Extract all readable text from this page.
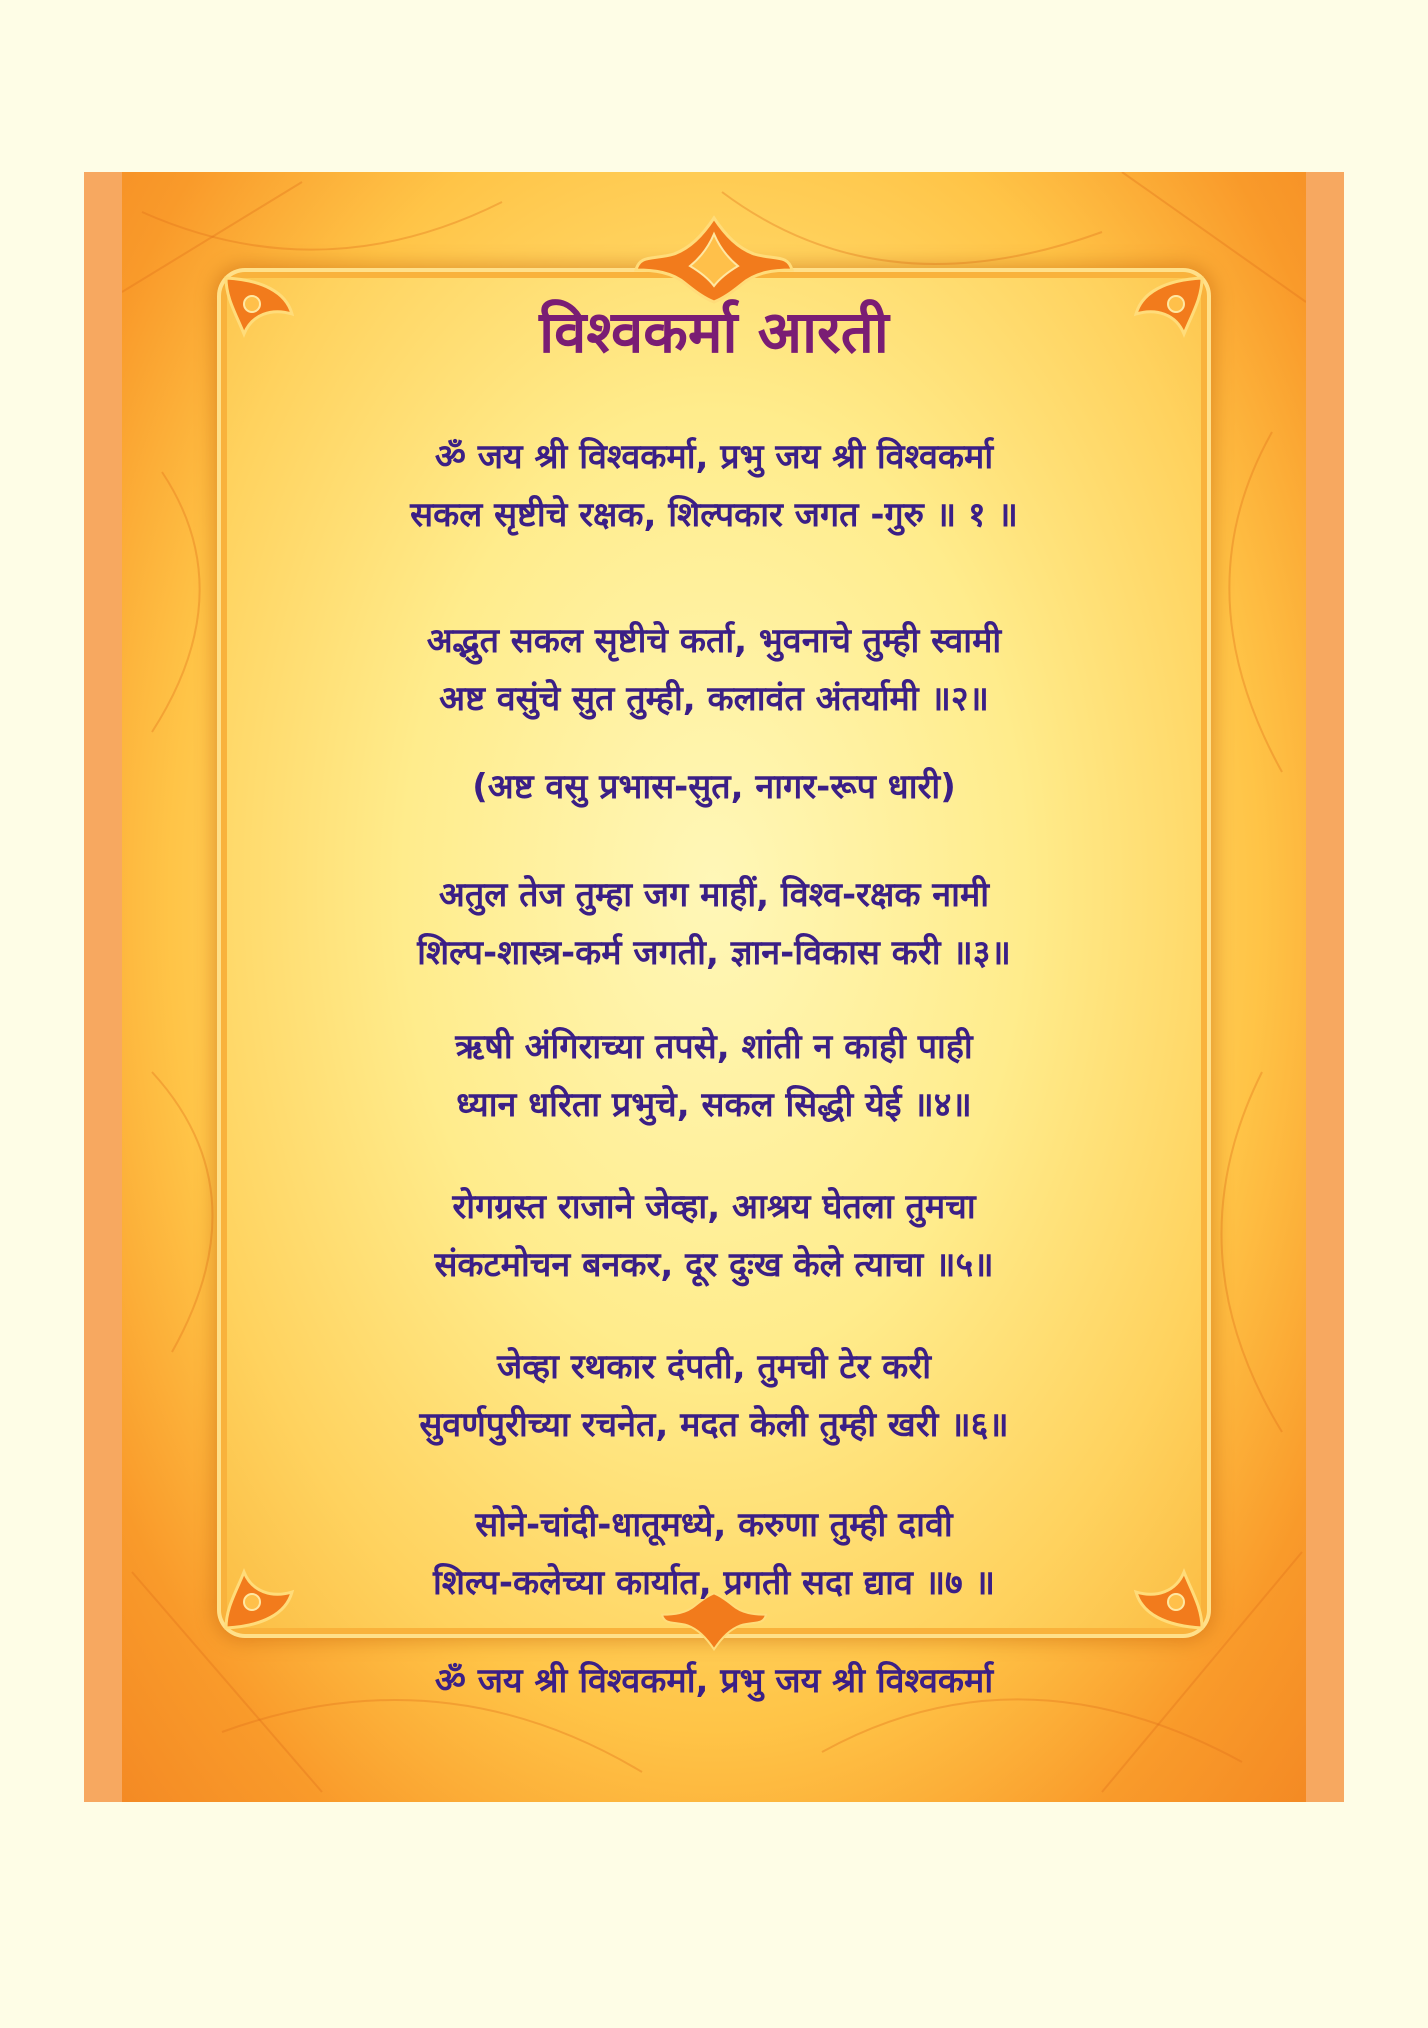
विश्वकर्मा आरती

ॐ जय श्री विश्वकर्मा, प्रभु जय श्री विश्वकर्मा
सकल सृष्टीचे रक्षक, शिल्पकार जगत -गुरु ॥ १ ॥

अद्भुत सकल सृष्टीचे कर्ता, भुवनाचे तुम्ही स्वामी
अष्ट वसुंचे सुत तुम्ही, कलावंत अंतर्यामी ॥२॥

(अष्ट वसु प्रभास-सुत, नागर-रूप धारी)

अतुल तेज तुम्हा जग माहीं, विश्व-रक्षक नामी
शिल्प-शास्त्र-कर्म जगती, ज्ञान-विकास करी ॥३॥

ऋषी अंगिराच्या तपसे, शांती न काही पाही
ध्यान धरिता प्रभुचे, सकल सिद्धी येई ॥४॥

रोगग्रस्त राजाने जेव्हा, आश्रय घेतला तुमचा
संकटमोचन बनकर, दूर दुःख केले त्याचा ॥५॥

जेव्हा रथकार दंपती, तुमची टेर करी
सुवर्णपुरीच्या रचनेत, मदत केली तुम्ही खरी ॥६॥

सोने-चांदी-धातूमध्ये, करुणा तुम्ही दावी
शिल्प-कलेच्या कार्यात, प्रगती सदा द्याव ॥७ ॥

ॐ जय श्री विश्वकर्मा, प्रभु जय श्री विश्वकर्मा
